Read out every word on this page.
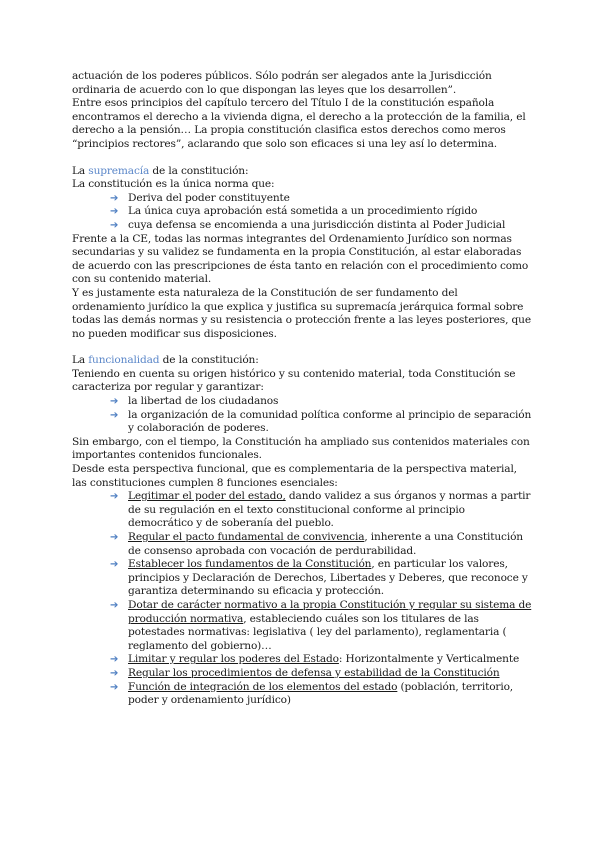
actuación de los poderes públicos. Sólo podrán ser alegados ante la Jurisdicción ordinaria de acuerdo con lo que dispongan las leyes que los desarrollen”.

Entre esos principios del capítulo tercero del Título I de la constitución española encontramos el derecho a la vivienda digna, el derecho a la protección de la familia, el derecho a la pensión… La propia constitución clasifica estos derechos como meros “principios rectores”, aclarando que solo son eficaces si una ley así lo determina.

La supremacía de la constitución:

La constitución es la única norma que:

➔ Deriva del poder constituyente
➔ La única cuya aprobación está sometida a un procedimiento rígido
➔ cuya defensa se encomienda a una jurisdicción distinta al Poder Judicial

Frente a la CE, todas las normas integrantes del Ordenamiento Jurídico son normas secundarias y su validez se fundamenta en la propia Constitución, al estar elaboradas de acuerdo con las prescripciones de ésta tanto en relación con el procedimiento como con su contenido material.

Y es justamente esta naturaleza de la Constitución de ser fundamento del ordenamiento jurídico la que explica y justifica su supremacía jerárquica formal sobre todas las demás normas y su resistencia o protección frente a las leyes posteriores, que no pueden modificar sus disposiciones.

La funcionalidad de la constitución:

Teniendo en cuenta su origen histórico y su contenido material, toda Constitución se caracteriza por regular y garantizar:

➔ la libertad de los ciudadanos
➔ la organización de la comunidad política conforme al principio de separación y colaboración de poderes.

Sin embargo, con el tiempo, la Constitución ha ampliado sus contenidos materiales con importantes contenidos funcionales.

Desde esta perspectiva funcional, que es complementaria de la perspectiva material, las constituciones cumplen 8 funciones esenciales:

➔ Legitimar el poder del estado, dando validez a sus órganos y normas a partir de su regulación en el texto constitucional conforme al principio democrático y de soberanía del pueblo.
➔ Regular el pacto fundamental de convivencia, inherente a una Constitución de consenso aprobada con vocación de perdurabilidad.
➔ Establecer los fundamentos de la Constitución, en particular los valores, principios y Declaración de Derechos, Libertades y Deberes, que reconoce y garantiza determinando su eficacia y protección.
➔ Dotar de carácter normativo a la propia Constitución y regular su sistema de producción normativa, estableciendo cuáles son los titulares de las potestades normativas: legislativa ( ley del parlamento), reglamentaria ( reglamento del gobierno)…
➔ Limitar y regular los poderes del Estado: Horizontalmente y Verticalmente
➔ Regular los procedimientos de defensa y estabilidad de la Constitución
➔ Función de integración de los elementos del estado (población, territorio, poder y ordenamiento jurídico)
